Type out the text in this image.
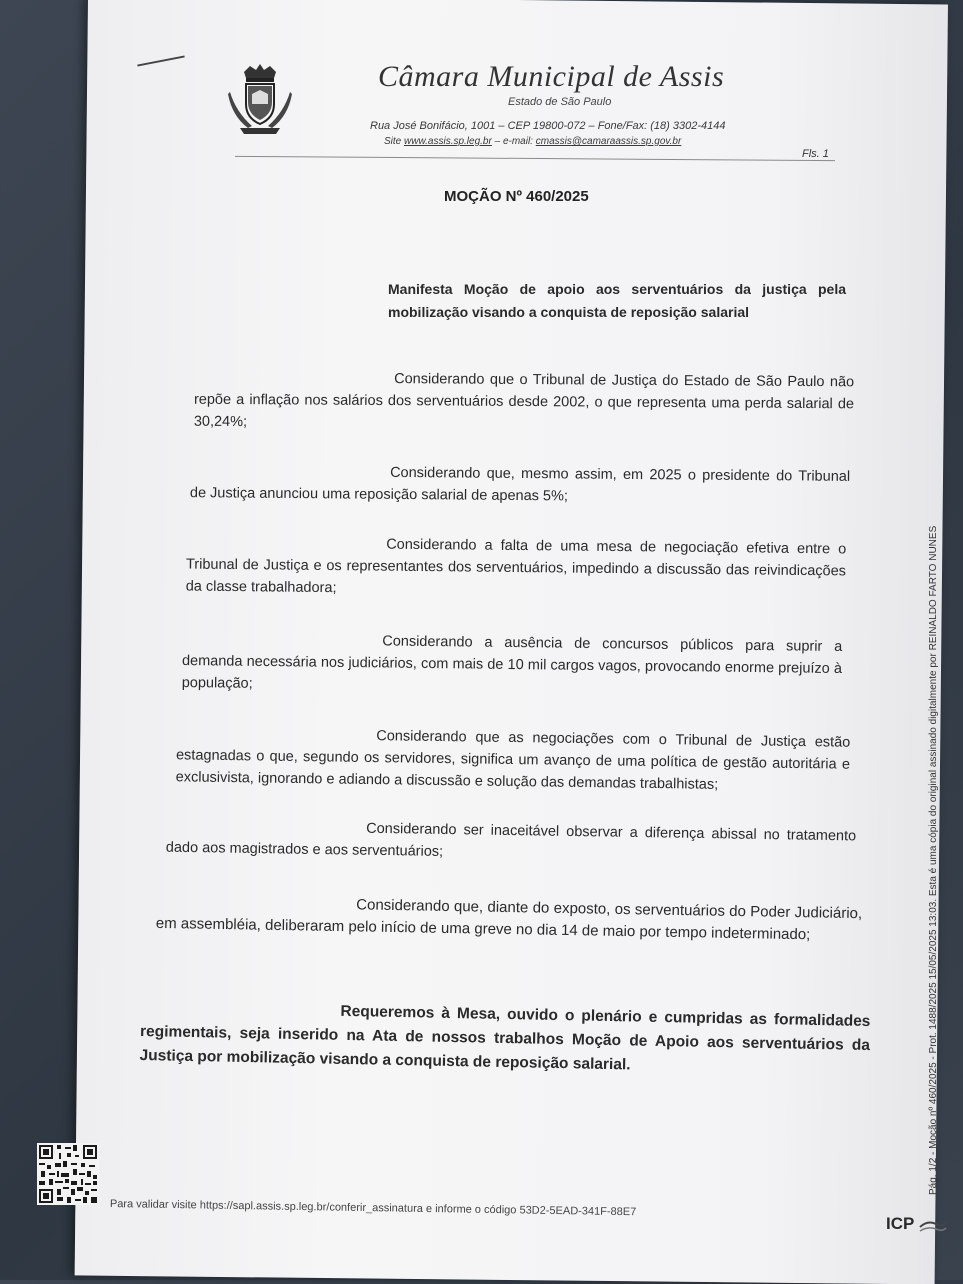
Câmara Municipal de Assis
Estado de São Paulo
Rua José Bonifácio, 1001 – CEP 19800-072 – Fone/Fax: (18) 3302-4144
Site www.assis.sp.leg.br – e-mail: cmassis@camaraassis.sp.gov.br
Fls. 1
MOÇÃO Nº 460/2025
Manifesta Moção de apoio aos serventuários da justiça pela mobilização visando a conquista de reposição salarial
Considerando que o Tribunal de Justiça do Estado de São Paulo não repõe a inflação nos salários dos serventuários desde 2002, o que representa uma perda salarial de 30,24%;
Considerando que, mesmo assim, em 2025 o presidente do Tribunal de Justiça anunciou uma reposição salarial de apenas 5%;
Considerando a falta de uma mesa de negociação efetiva entre o Tribunal de Justiça e os representantes dos serventuários, impedindo a discussão das reivindicações da classe trabalhadora;
Considerando a ausência de concursos públicos para suprir a demanda necessária nos judiciários, com mais de 10 mil cargos vagos, provocando enorme prejuízo à população;
Considerando que as negociações com o Tribunal de Justiça estão estagnadas o que, segundo os servidores, significa um avanço de uma política de gestão autoritária e exclusivista, ignorando e adiando a discussão e solução das demandas trabalhistas;
Considerando ser inaceitável observar a diferença abissal no tratamento dado aos magistrados e aos serventuários;
Considerando que, diante do exposto, os serventuários do Poder Judiciário, em assembléia, deliberaram pelo início de uma greve no dia 14 de maio por tempo indeterminado;
Requeremos à Mesa, ouvido o plenário e cumpridas as formalidades regimentais, seja inserido na Ata de nossos trabalhos Moção de Apoio aos serventuários da Justiça por mobilização visando a conquista de reposição salarial.
Para validar visite https://sapl.assis.sp.leg.br/conferir_assinatura e informe o código 53D2-5EAD-341F-88E7
Pág. 1/2 - Moção nº 460/2025 - Prot. 1488/2025 15/05/2025 13:03. Esta é uma cópia do original assinado digitalmente por REINALDO FARTO NUNES
ICP
